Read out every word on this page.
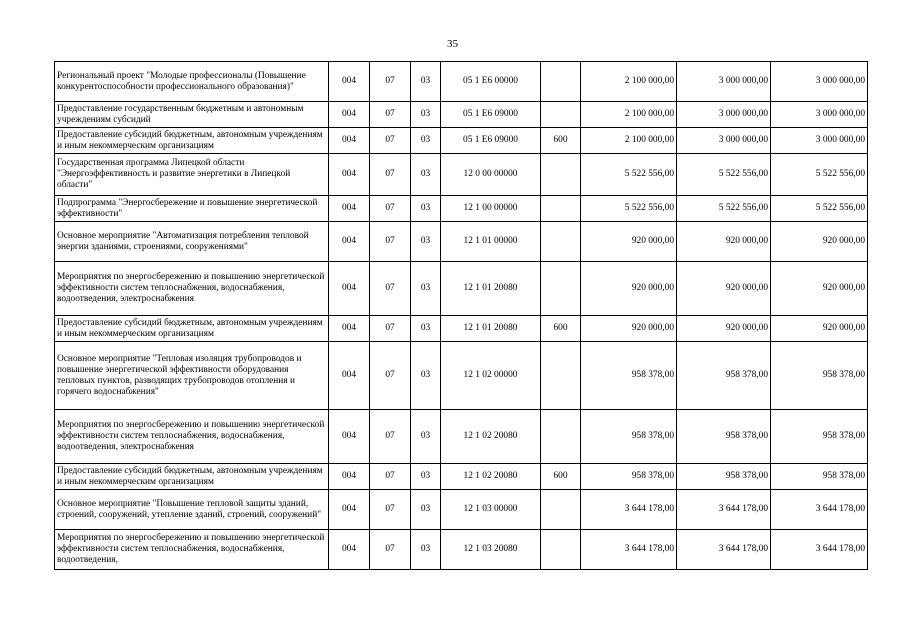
35
Региональный проект "Молодые профессионалы (Повышение конкурентоспособности профессионального образования)"	004	07	03	05 1 E6 00000		2 100 000,00	3 000 000,00	3 000 000,00
Предоставление государственным бюджетным и автономным учреждениям субсидий	004	07	03	05 1 E6 09000		2 100 000,00	3 000 000,00	3 000 000,00
Предоставление субсидий бюджетным, автономным учреждениям и иным некоммерческим организациям	004	07	03	05 1 E6 09000	600	2 100 000,00	3 000 000,00	3 000 000,00
Государственная программа Липецкой области "Энергоэффективность и развитие энергетики в Липецкой области"	004	07	03	12 0 00 00000		5 522 556,00	5 522 556,00	5 522 556,00
Подпрограмма "Энергосбережение и повышение энергетической эффективности"	004	07	03	12 1 00 00000		5 522 556,00	5 522 556,00	5 522 556,00
Основное мероприятие "Автоматизация потребления тепловой энергии зданиями, строениями, сооружениями"	004	07	03	12 1 01 00000		920 000,00	920 000,00	920 000,00
Мероприятия по энергосбережению и повышению энергетической эффективности систем теплоснабжения, водоснабжения, водоотведения, электроснабжения	004	07	03	12 1 01 20080		920 000,00	920 000,00	920 000,00
Предоставление субсидий бюджетным, автономным учреждениям и иным некоммерческим организациям	004	07	03	12 1 01 20080	600	920 000,00	920 000,00	920 000,00
Основное мероприятие "Тепловая изоляция трубопроводов и повышение энергетической эффективности оборудования тепловых пунктов, разводящих трубопроводов отопления и горячего водоснабжения"	004	07	03	12 1 02 00000		958 378,00	958 378,00	958 378,00
Мероприятия по энергосбережению и повышению энергетической эффективности систем теплоснабжения, водоснабжения, водоотведения, электроснабжения	004	07	03	12 1 02 20080		958 378,00	958 378,00	958 378,00
Предоставление субсидий бюджетным, автономным учреждениям и иным некоммерческим организациям	004	07	03	12 1 02 20080	600	958 378,00	958 378,00	958 378,00
Основное мероприятие "Повышение тепловой защиты зданий, строений, сооружений, утепление зданий, строений, сооружений"	004	07	03	12 1 03 00000		3 644 178,00	3 644 178,00	3 644 178,00
Мероприятия по энергосбережению и повышению энергетической эффективности систем теплоснабжения, водоснабжения, водоотведения,	004	07	03	12 1 03 20080		3 644 178,00	3 644 178,00	3 644 178,00
